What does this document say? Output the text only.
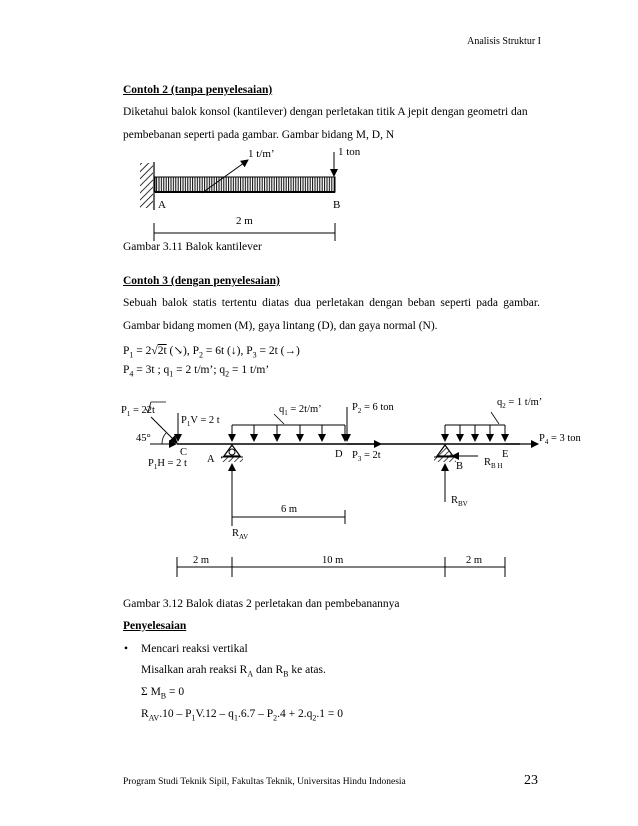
Analisis Struktur I
Contoh 2 (tanpa penyelesaian)
Diketahui balok konsol (kantilever) dengan perletakan titik A jepit dengan geometri dan
pembebanan seperti pada gambar. Gambar bidang M, D, N
1 t/m’	1 ton
A	B
2 m
$P_1 = 22t$
$P_1V = 2$ t
45°
C
$P_1H = 2$ t A
$q_1 = 2t/m$’	$P_2 = 6$ ton
D $P_3 = 2t$
$q_2 = 1$ t/m’
E
$P_4 = 3$ ton
B $R_{B H}$
$R_{BV}$
$R_{AV}$
6 m
2 m	10 m	2 m
Gambar 3.11 Balok kantilever
Contoh 3 (dengan penyelesaian)
Sebuah balok statis tertentu diatas dua perletakan dengan beban seperti pada gambar.
Gambar bidang momen (M), gaya lintang (D), dan gaya normal (N).
$P_1 = 2√2t$ (↘), $P_2 = 6t$ (↓), $P_3 = 2t$ (→)
$P_4 = 3t$ ; $q_1 = 2$ t/m’; $q_2 = 1$ t/m’
Gambar 3.12 Balok diatas 2 perletakan dan pembebanannya
Penyelesaian
• Mencari reaksi vertikal
Misalkan arah reaksi $R_A$ dan $R_B$ ke atas.
Σ $M_B = 0$
$R_{AV}.10 - P_1V.12 - q_1.6.7 - P_2.4 + 2.q_2.1 = 0$
Program Studi Teknik Sipil, Fakultas Teknik, Universitas Hindu Indonesia	23
